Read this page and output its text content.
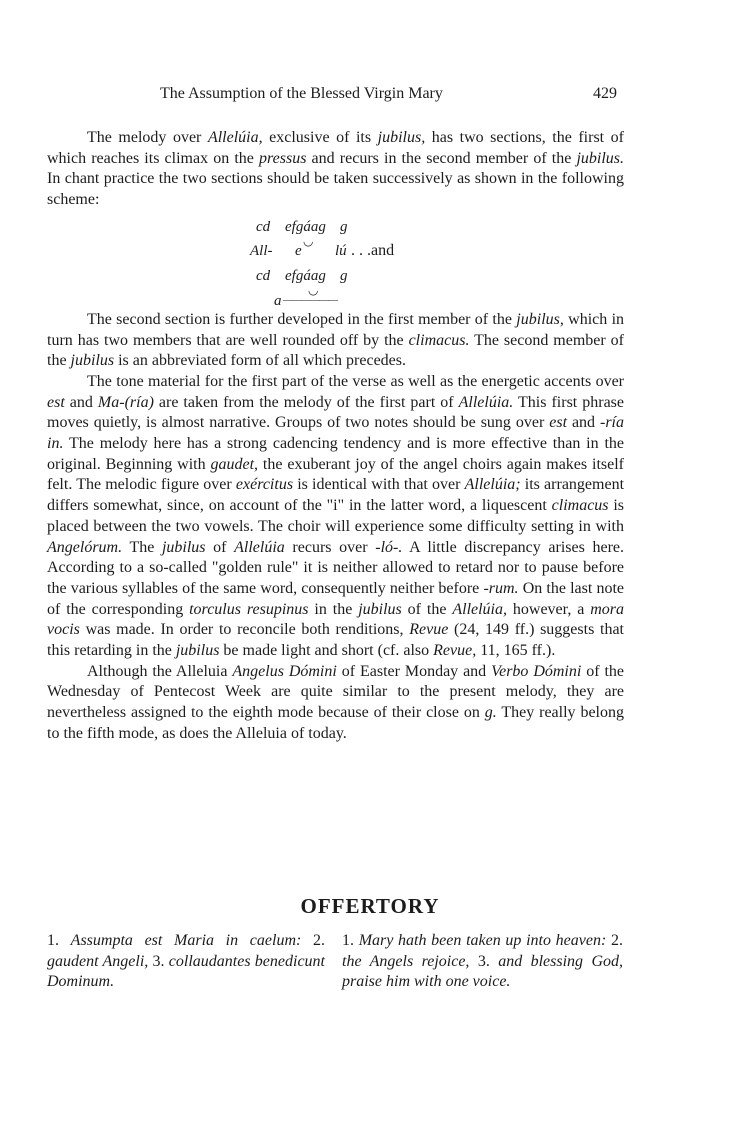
The Assumption of the Blessed Virgin Mary	429

The melody over Allelúia, exclusive of its jubilus, has two sections, the first of which reaches its climax on the pressus and recurs in the second member of the jubilus. In chant practice the two sections should be taken successively as shown in the following scheme:

cd efgáag g
◡
All- e lú . . .and
cd efgáag g
◡
a ——————

The second section is further developed in the first member of the jubilus, which in turn has two members that are well rounded off by the climacus. The second member of the jubilus is an abbreviated form of all which precedes.

The tone material for the first part of the verse as well as the energetic accents over est and Ma-(ría) are taken from the melody of the first part of Allelúia. This first phrase moves quietly, is almost narrative. Groups of two notes should be sung over est and -ría in. The melody here has a strong cadencing tendency and is more effective than in the original. Beginning with gaudet, the exuberant joy of the angel choirs again makes itself felt. The melodic figure over exércitus is identical with that over Allelúia; its arrangement differs somewhat, since, on account of the "i" in the latter word, a liquescent climacus is placed between the two vowels. The choir will experience some difficulty setting in with Angelórum. The jubilus of Allelúia recurs over -ló-. A little discrepancy arises here. According to a so-called "golden rule" it is neither allowed to retard nor to pause before the various syllables of the same word, consequently neither before -rum. On the last note of the corresponding torculus resupinus in the jubilus of the Allelúia, however, a mora vocis was made. In order to reconcile both renditions, Revue (24, 149 ff.) suggests that this retarding in the jubilus be made light and short (cf. also Revue, 11, 165 ff.).

Although the Alleluia Angelus Dómini of Easter Monday and Verbo Dómini of the Wednesday of Pentecost Week are quite similar to the present melody, they are nevertheless assigned to the eighth mode because of their close on g. They really belong to the fifth mode, as does the Alleluia of today.

OFFERTORY
1. Assumpta est Maria in caelum: 2. gaudent Angeli, 3. collaudantes benedicunt Dominum.
1. Mary hath been taken up into heaven: 2. the Angels rejoice, 3. and blessing God, praise him with one voice.
